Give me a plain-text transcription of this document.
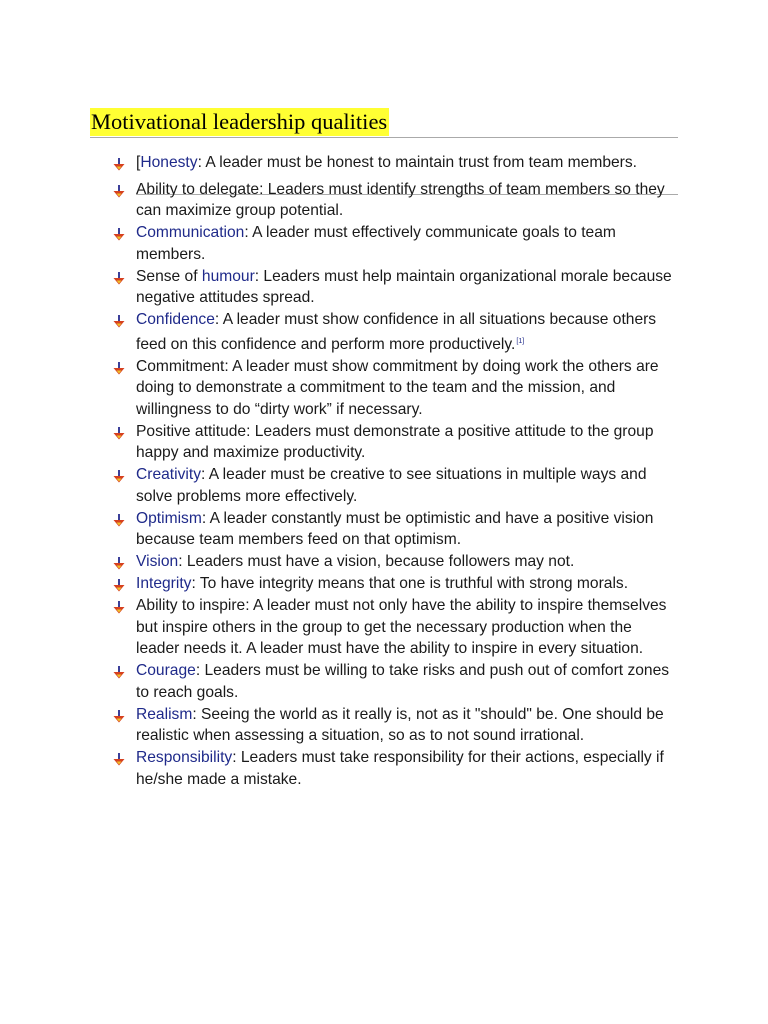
Motivational leadership qualities
[Honesty: A leader must be honest to maintain trust from team members.
Ability to delegate: Leaders must identify strengths of team members so they can maximize group potential.
Communication: A leader must effectively communicate goals to team members.
Sense of humour: Leaders must help maintain organizational morale because negative attitudes spread.
Confidence: A leader must show confidence in all situations because others feed on this confidence and perform more productively.[1]
Commitment: A leader must show commitment by doing work the others are doing to demonstrate a commitment to the team and the mission, and willingness to do “dirty work” if necessary.
Positive attitude: Leaders must demonstrate a positive attitude to the group happy and maximize productivity.
Creativity: A leader must be creative to see situations in multiple ways and solve problems more effectively.
Optimism: A leader constantly must be optimistic and have a positive vision because team members feed on that optimism.
Vision: Leaders must have a vision, because followers may not.
Integrity: To have integrity means that one is truthful with strong morals.
Ability to inspire: A leader must not only have the ability to inspire themselves but inspire others in the group to get the necessary production when the leader needs it. A leader must have the ability to inspire in every situation.
Courage: Leaders must be willing to take risks and push out of comfort zones to reach goals.
Realism: Seeing the world as it really is, not as it "should" be. One should be realistic when assessing a situation, so as to not sound irrational.
Responsibility: Leaders must take responsibility for their actions, especially if he/she made a mistake.
